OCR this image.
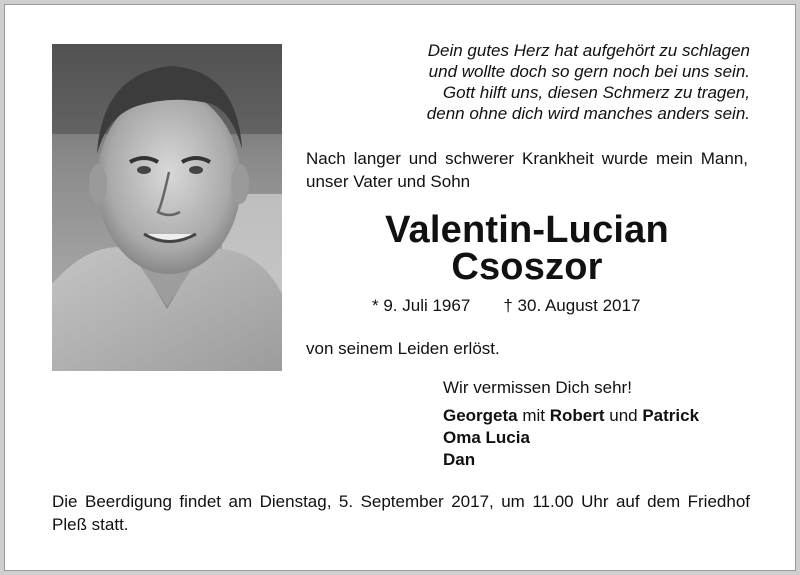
Dein gutes Herz hat aufgehört zu schlagen
und wollte doch so gern noch bei uns sein.
Gott hilft uns, diesen Schmerz zu tragen,
denn ohne dich wird manches anders sein.
Nach langer und schwerer Krankheit wurde mein Mann, unser Vater und Sohn
Valentin-Lucian
Csoszor
* 9. Juli 1967 † 30. August 2017
von seinem Leiden erlöst.
Wir vermissen Dich sehr!
Georgeta mit Robert und Patrick
Oma Lucia
Dan
Die Beerdigung findet am Dienstag, 5. September 2017, um 11.00 Uhr auf dem Friedhof Pleß statt.
